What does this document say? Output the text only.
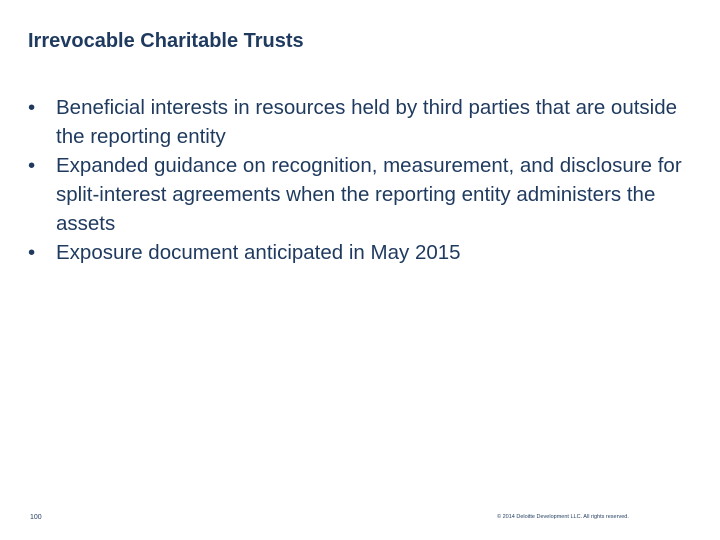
Irrevocable Charitable Trusts
•	Beneficial interests in resources held by third parties that are outside the reporting entity
•	Expanded guidance on recognition, measurement, and disclosure for split-interest agreements when the reporting entity administers the assets
•	Exposure document anticipated in May 2015
100	© 2014 Deloitte Development LLC. All rights reserved.
